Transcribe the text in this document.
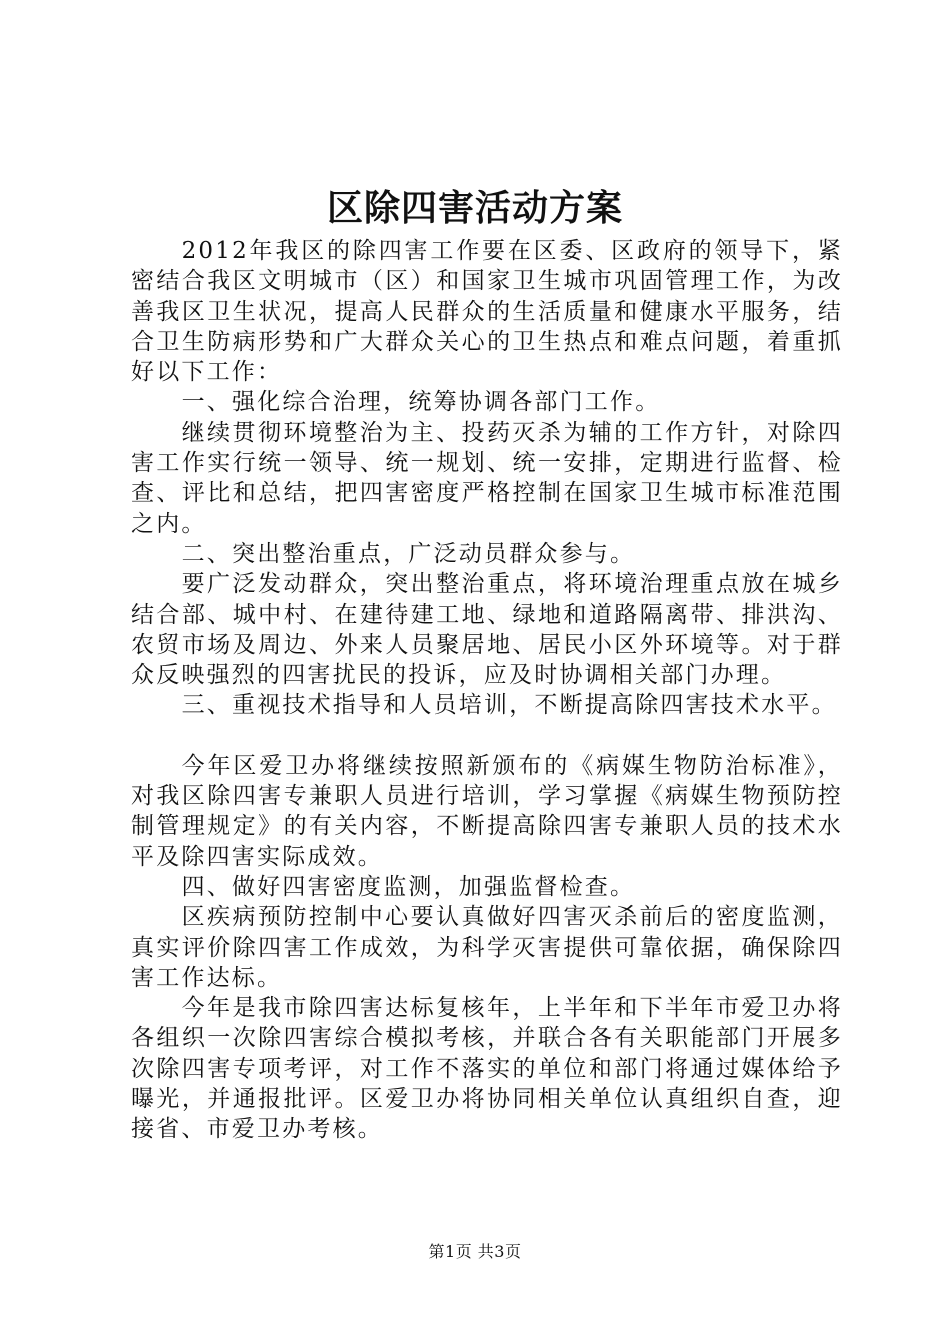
区除四害活动方案

2012年我区的除四害工作要在区委、区政府的领导下，紧密结合我区文明城市（区）和国家卫生城市巩固管理工作，为改善我区卫生状况，提高人民群众的生活质量和健康水平服务，结合卫生防病形势和广大群众关心的卫生热点和难点问题，着重抓好以下工作：

一、强化综合治理，统筹协调各部门工作。

继续贯彻环境整治为主、投药灭杀为辅的工作方针，对除四害工作实行统一领导、统一规划、统一安排，定期进行监督、检查、评比和总结，把四害密度严格控制在国家卫生城市标准范围之内。

二、突出整治重点，广泛动员群众参与。

要广泛发动群众，突出整治重点，将环境治理重点放在城乡结合部、城中村、在建待建工地、绿地和道路隔离带、排洪沟、农贸市场及周边、外来人员聚居地、居民小区外环境等。对于群众反映强烈的四害扰民的投诉，应及时协调相关部门办理。

三、重视技术指导和人员培训，不断提高除四害技术水平。

今年区爱卫办将继续按照新颁布的《病媒生物防治标准》，对我区除四害专兼职人员进行培训，学习掌握《病媒生物预防控制管理规定》的有关内容，不断提高除四害专兼职人员的技术水平及除四害实际成效。

四、做好四害密度监测，加强监督检查。

区疾病预防控制中心要认真做好四害灭杀前后的密度监测，真实评价除四害工作成效，为科学灭害提供可靠依据，确保除四害工作达标。

今年是我市除四害达标复核年，上半年和下半年市爱卫办将各组织一次除四害综合模拟考核，并联合各有关职能部门开展多次除四害专项考评，对工作不落实的单位和部门将通过媒体给予曝光，并通报批评。区爱卫办将协同相关单位认真组织自查，迎接省、市爱卫办考核。

第1页 共3页
